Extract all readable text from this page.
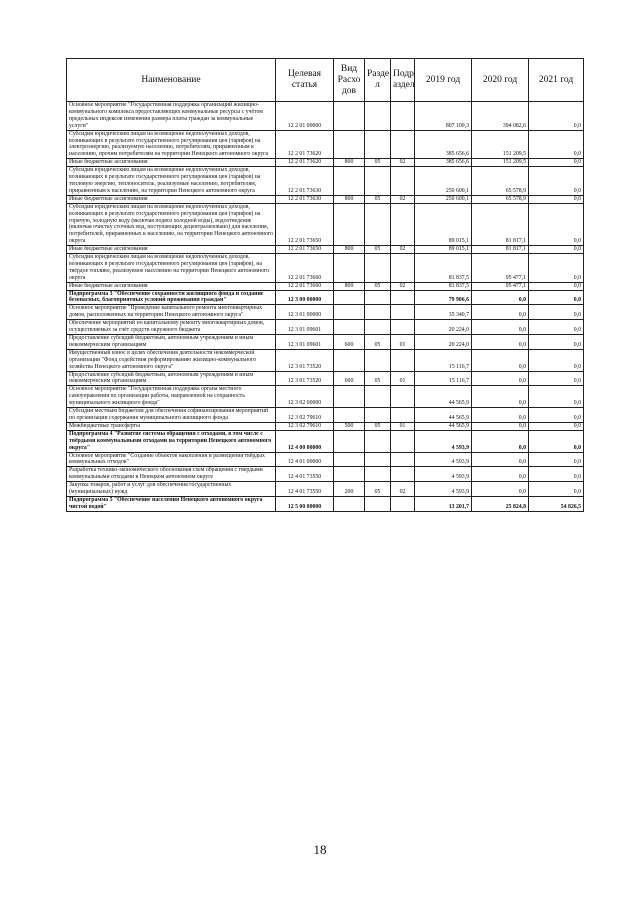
Наименование	Целевая статья	Вид Расхо дов	Разде л	Подр аздел	2019 год	2020 год	2021 год
Основное мероприятие "Государственная поддержка организаций жилищно-коммунального комплекса предоставляющих коммунальные ресурсы с учётом предельных индексов изменения размера платы граждан за коммунальные услуги"	12 2 01 00000				807 109,3	394 082,6	0,0
Субсидии юридическим лицам на возмещение недополученных доходов, возникающих в результате государственного регулирования цен (тарифов) на электроэнергию, реализуемую населению, потребителям, приравненным к населению, прочим потребителям на территории Ненецкого автономного округа	12 2 01 73620				385 656,6	151 209,5	0,0
Иные бюджетные ассигнования	12 2 01 73620	800	05	02	385 656,6	151 209,5	0,0
Субсидии юридическим лицам на возмещение недополученных доходов, возникающих в результате государственного регулирования цен (тарифов) на тепловую энергию, теплоноситель, реализуемые населению, потребителям, приравненным к населению, на территории Ненецкого автономного округа	12 2 01 73630				250 600,1	65 578,9	0,0
Иные бюджетные ассигнования	12 2 01 73630	800	05	02	250 600,1	65 578,9	0,0
Субсидии юридическим лицам на возмещение недополученных доходов, возникающих в результате государственного регулирования цен (тарифов) на горячую, холодную воду (включая подвоз холодной воды), водоотведение (включая очистку сточных вод, поступающих децентрализовано) для населения, потребителей, приравненных к населению, на территории Ненецкого автономного округа	12 2 01 73650				89 015,1	81 817,1	0,0
Иные бюджетные ассигнования	12 2 01 73650	800	05	02	89 015,1	81 817,1	0,0
Субсидии юридическим лицам на возмещение недополученных доходов, возникающих в результате государственного регулирования цен (тарифов), на твёрдое топливо, реализуемое населению на территории Ненецкого автономного округа	12 2 01 73660				81 837,5	95 477,1	0,0
Иные бюджетные ассигнования	12 2 01 73660	800	05	02	81 837,5	95 477,1	0,0
Подпрограмма 3 "Обеспечение сохранности жилищного фонда и создание безопасных, благоприятных условий проживания граждан"	12 3 00 00000				79 906,6	0,0	0,0
Основное мероприятие "Проведение капитального ремонта многоквартирных домов, расположенных на территории Ненецкого автономного округа"	12 3 01 00000				35 340,7	0,0	0,0
Обеспечение мероприятий по капитальному ремонту многоквартирных домов, осуществляемых за счёт средств окружного бюджета	12 3 01 09601				20 224,0	0,0	0,0
Предоставление субсидий бюджетным, автономным учреждениям и иным некоммерческим организациям	12 3 01 09601	600	05	01	20 224,0	0,0	0,0
Имущественный взнос в целях обеспечения деятельности некоммерческой организации "Фонд содействия реформированию жилищно-коммунального хозяйства Ненецкого автономного округа"	12 3 01 73520				15 116,7	0,0	0,0
Предоставление субсидий бюджетным, автономным учреждениям и иным некоммерческим организациям	12 3 01 73520	600	05	01	15 116,7	0,0	0,0
Основное мероприятие "Государственная поддержка органа местного самоуправления по организации работы, направленной на сохранность муниципального жилищного фонда"	12 3 02 00000				44 565,9	0,0	0,0
Субсидии местным бюджетам для обеспечения софинансирования мероприятий по организации содержания муниципального жилищного фонда	12 3 02 79610				44 565,9	0,0	0,0
Межбюджетные трансферты	12 3 02 79610	500	05	01	44 565,9	0,0	0,0
Подпрограмма 4 "Развитие системы обращения с отходами, в том числе с твёрдыми коммунальными отходами на территории Ненецкого автономного округа"	12 4 00 00000				4 593,9	0,0	0,0
Основное мероприятие "Создание объектов накопления и размещения твёрдых коммунальных отходов"	12 4 01 00000				4 593,9	0,0	0,0
Разработка технико-экономического обоснования схем обращения с твердыми коммунальными отходами в Ненецком автономном округе	12 4 01 73550				4 593,9	0,0	0,0
Закупка товаров, работ и услуг для обеспечения государственных (муниципальных) нужд	12 4 01 73550	200	05	02	4 593,9	0,0	0,0
Подпрограмма 5 "Обеспечение населения Ненецкого автономного округа чистой водой"	12 5 00 00000				13 201,7	25 824,8	54 826,5
18
